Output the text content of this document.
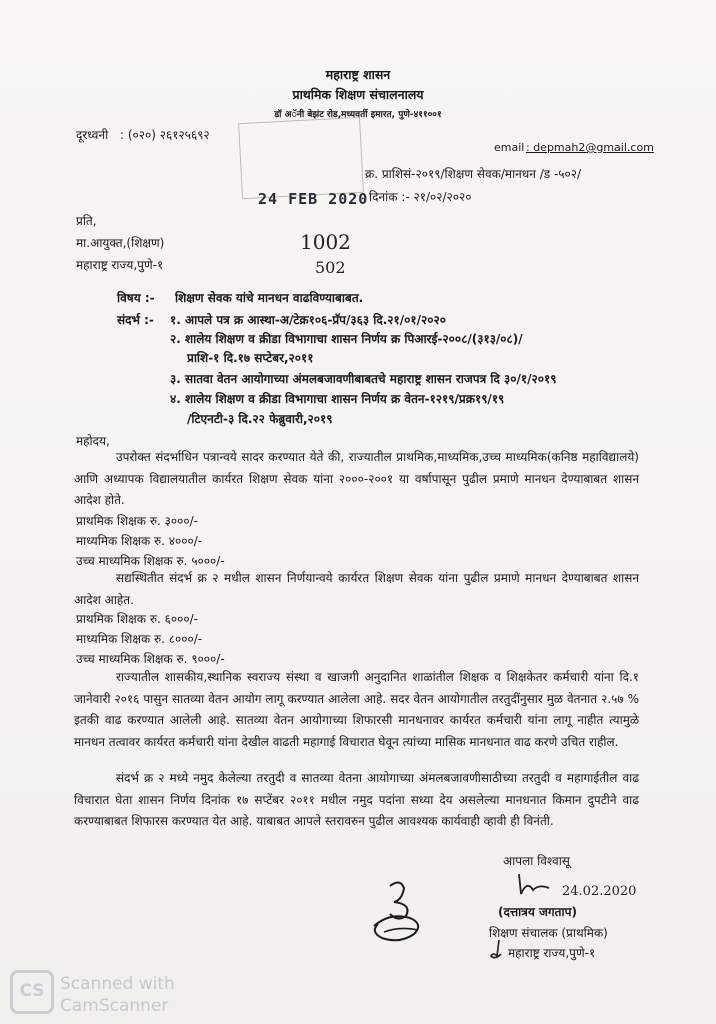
महाराष्ट्र शासन
प्राथमिक शिक्षण संचालनालय
डॉ अॅनी बेझंट रोड,मध्यवर्ती इमारत, पुणे-४११००१
दूरध्वनी : (०२०) २६१२५६९२
email : depmah2@gmail.com
क्र. प्राशिसं-२०१९/शिक्षण सेवक/मानधन /ड -५०२/
दिनांक :- २१/०२/२०२०
24 FEB 2020
1002
502
प्रति,
मा.आयुक्त,(शिक्षण)
महाराष्ट्र राज्य,पुणे-१
विषय :- शिक्षण सेवक यांचे मानधन वाढविण्याबाबत.
संदर्भ :- १. आपले पत्र क्र आस्था-अ/टेक्र१०६-प्रॅप/३६३ दि.२१/०१/२०२०
२. शालेय शिक्षण व क्रीडा विभागाचा शासन निर्णय क्र पिआरई-२००८/(३१३/०८)/
प्राशि-१ दि.१७ सप्टेबर,२०११
३. सातवा वेतन आयोगाच्या अंमलबजावणीबाबतचे महाराष्ट्र शासन राजपत्र दि ३०/१/२०१९
४. शालेय शिक्षण व क्रीडा विभागाचा शासन निर्णय क्र वेतन-१२१९/प्रक्र१९/१९
/टिएनटी-३ दि.२२ फेब्रुवारी,२०१९
महोदय,
उपरोक्त संदर्भाधिन पत्रान्वये सादर करण्यात येते की, राज्यातील प्राथमिक,माध्यमिक,उच्च माध्यमिक(कनिष्ठ महाविद्यालये) आणि अध्यापक विद्यालयातील कार्यरत शिक्षण सेवक यांना २०००-२००१ या वर्षापासून पुढील प्रमाणे मानधन देण्याबाबत शासन आदेश होते.
प्राथमिक शिक्षक रु. ३०००/-
माध्यमिक शिक्षक रु. ४०००/-
उच्च माध्यमिक शिक्षक रु. ५०००/-
सद्यस्थितीत संदर्भ क्र २ मधील शासन निर्णयान्वये कार्यरत शिक्षण सेवक यांना पुढील प्रमाणे मानधन देण्याबाबत शासन आदेश आहेत.
प्राथमिक शिक्षक रु. ६०००/-
माध्यमिक शिक्षक रु. ८०००/-
उच्च माध्यमिक शिक्षक रु. ९०००/-
राज्यातील शासकीय,स्थानिक स्वराज्य संस्था व खाजगी अनुदानित शाळांतील शिक्षक व शिक्षकेतर कर्मचारी यांना दि.१ जानेवारी २०१६ पासुन सातव्या वेतन आयोग लागू करण्यात आलेला आहे. सदर वेतन आयोगातील तरतुदींनुसार मुळ वेतनात २.५७ % इतकी वाढ करण्यात आलेली आहे. सातव्या वेतन आयोगाच्या शिफारसी मानधनावर कार्यरत कर्मचारी यांना लागू नाहीत त्यामुळे मानधन तत्वावर कार्यरत कर्मचारी यांना देखील वाढती महागाई विचारात घेवून त्यांच्या मासिक मानधनात वाढ करणे उचित राहील.
संदर्भ क्र २ मध्ये नमुद केलेल्या तरतुदी व सातव्या वेतना आयोगाच्या अंमलबजावणीसाठीच्या तरतुदी व महागाईतील वाढ विचारात घेता शासन निर्णय दिनांक १७ सप्टेंबर २०११ मधील नमुद पदांना सध्या देय असलेल्या मानधनात किमान दुपटीने वाढ करण्याबाबत शिफारस करण्यात येत आहे. याबाबत आपले स्तरावरुन पुढील आवश्यक कार्यवाही व्हावी ही विनंती.
आपला विश्वासू
24.02.2020
(दत्तात्रय जगताप)
शिक्षण संचालक (प्राथमिक)
महाराष्ट्र राज्य,पुणे-१
CS Scanned with
CamScanner
